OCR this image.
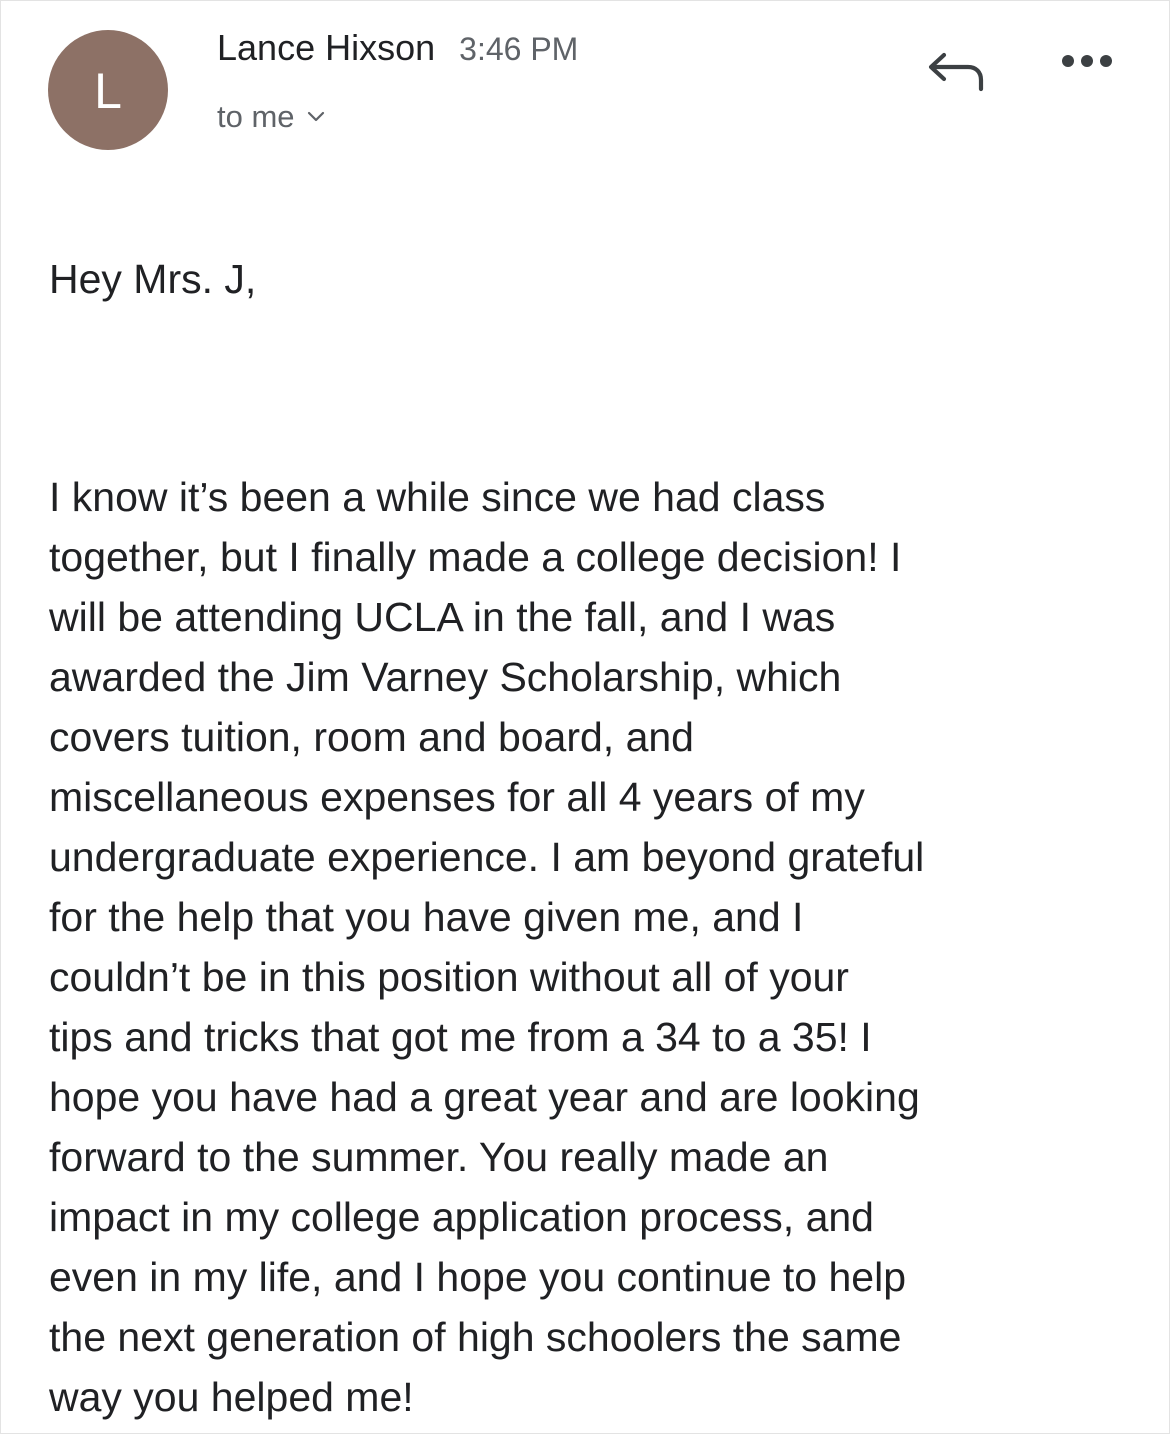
L
Lance Hixson 3:46 PM
to me

Hey Mrs. J,

I know it’s been a while since we had class
together, but I finally made a college decision! I
will be attending UCLA in the fall, and I was
awarded the Jim Varney Scholarship, which
covers tuition, room and board, and
miscellaneous expenses for all 4 years of my
undergraduate experience. I am beyond grateful
for the help that you have given me, and I
couldn’t be in this position without all of your
tips and tricks that got me from a 34 to a 35! I
hope you have had a great year and are looking
forward to the summer. You really made an
impact in my college application process, and
even in my life, and I hope you continue to help
the next generation of high schoolers the same
way you helped me!
